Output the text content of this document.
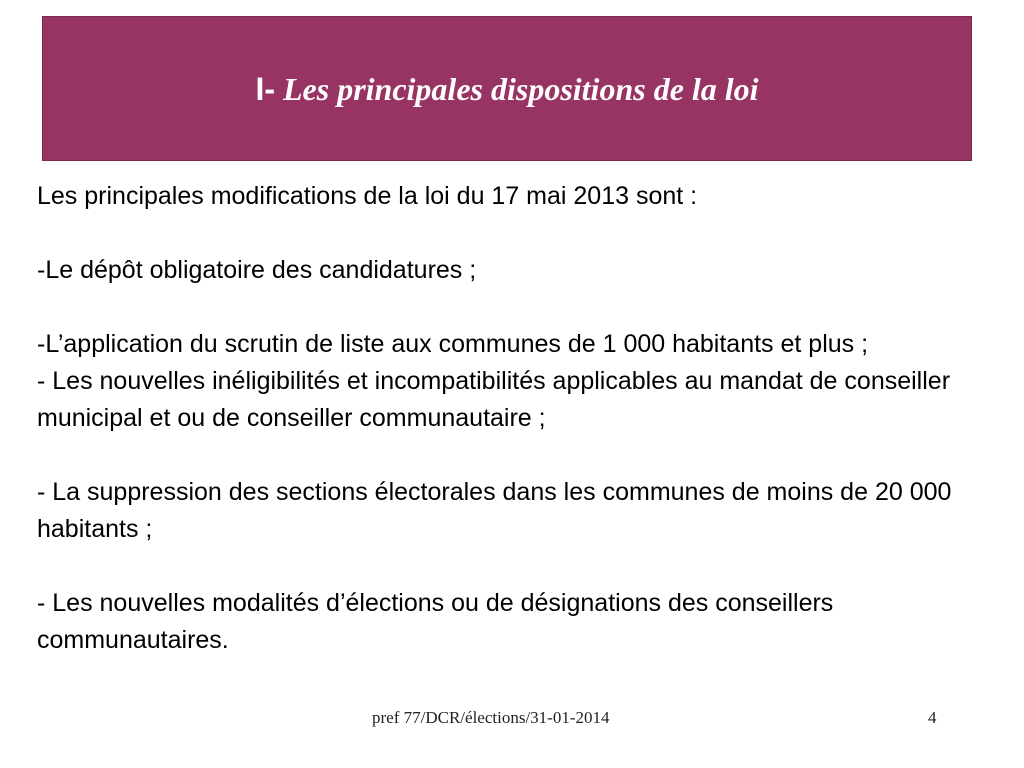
I- Les principales dispositions de la loi

Les principales modifications de la loi du 17 mai 2013 sont :

-Le dépôt obligatoire des candidatures ;

-L’application du scrutin de liste aux communes de 1 000 habitants et plus ;

- Les nouvelles inéligibilités et incompatibilités applicables au mandat de conseiller municipal et ou de conseiller communautaire ;

- La suppression des sections électorales dans les communes de moins de 20 000 habitants ;

- Les nouvelles modalités d’élections ou de désignations des conseillers communautaires.

pref 77/DCR/élections/31-01-2014	4
